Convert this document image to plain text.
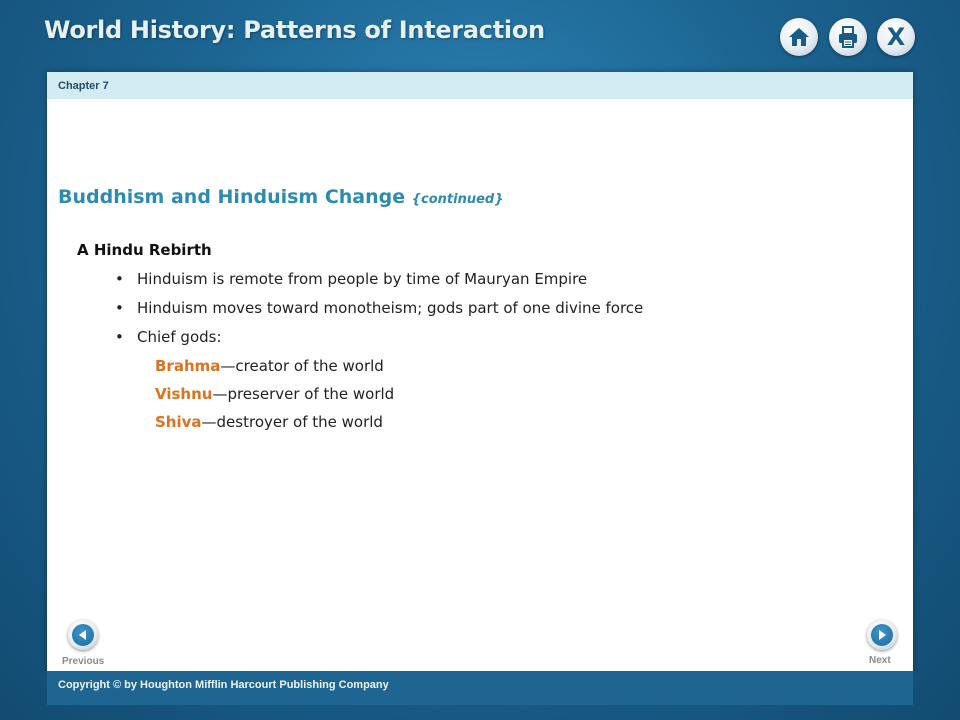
World History: Patterns of Interaction	X
Chapter 7
Buddhism and Hinduism Change {continued}
A Hindu Rebirth
• Hinduism is remote from people by time of Mauryan Empire
• Hinduism moves toward monotheism; gods part of one divine force
• Chief gods:
Brahma—creator of the world
Vishnu—preserver of the world
Shiva—destroyer of the world
Previous	Next
Copyright © by Houghton Mifflin Harcourt Publishing Company
